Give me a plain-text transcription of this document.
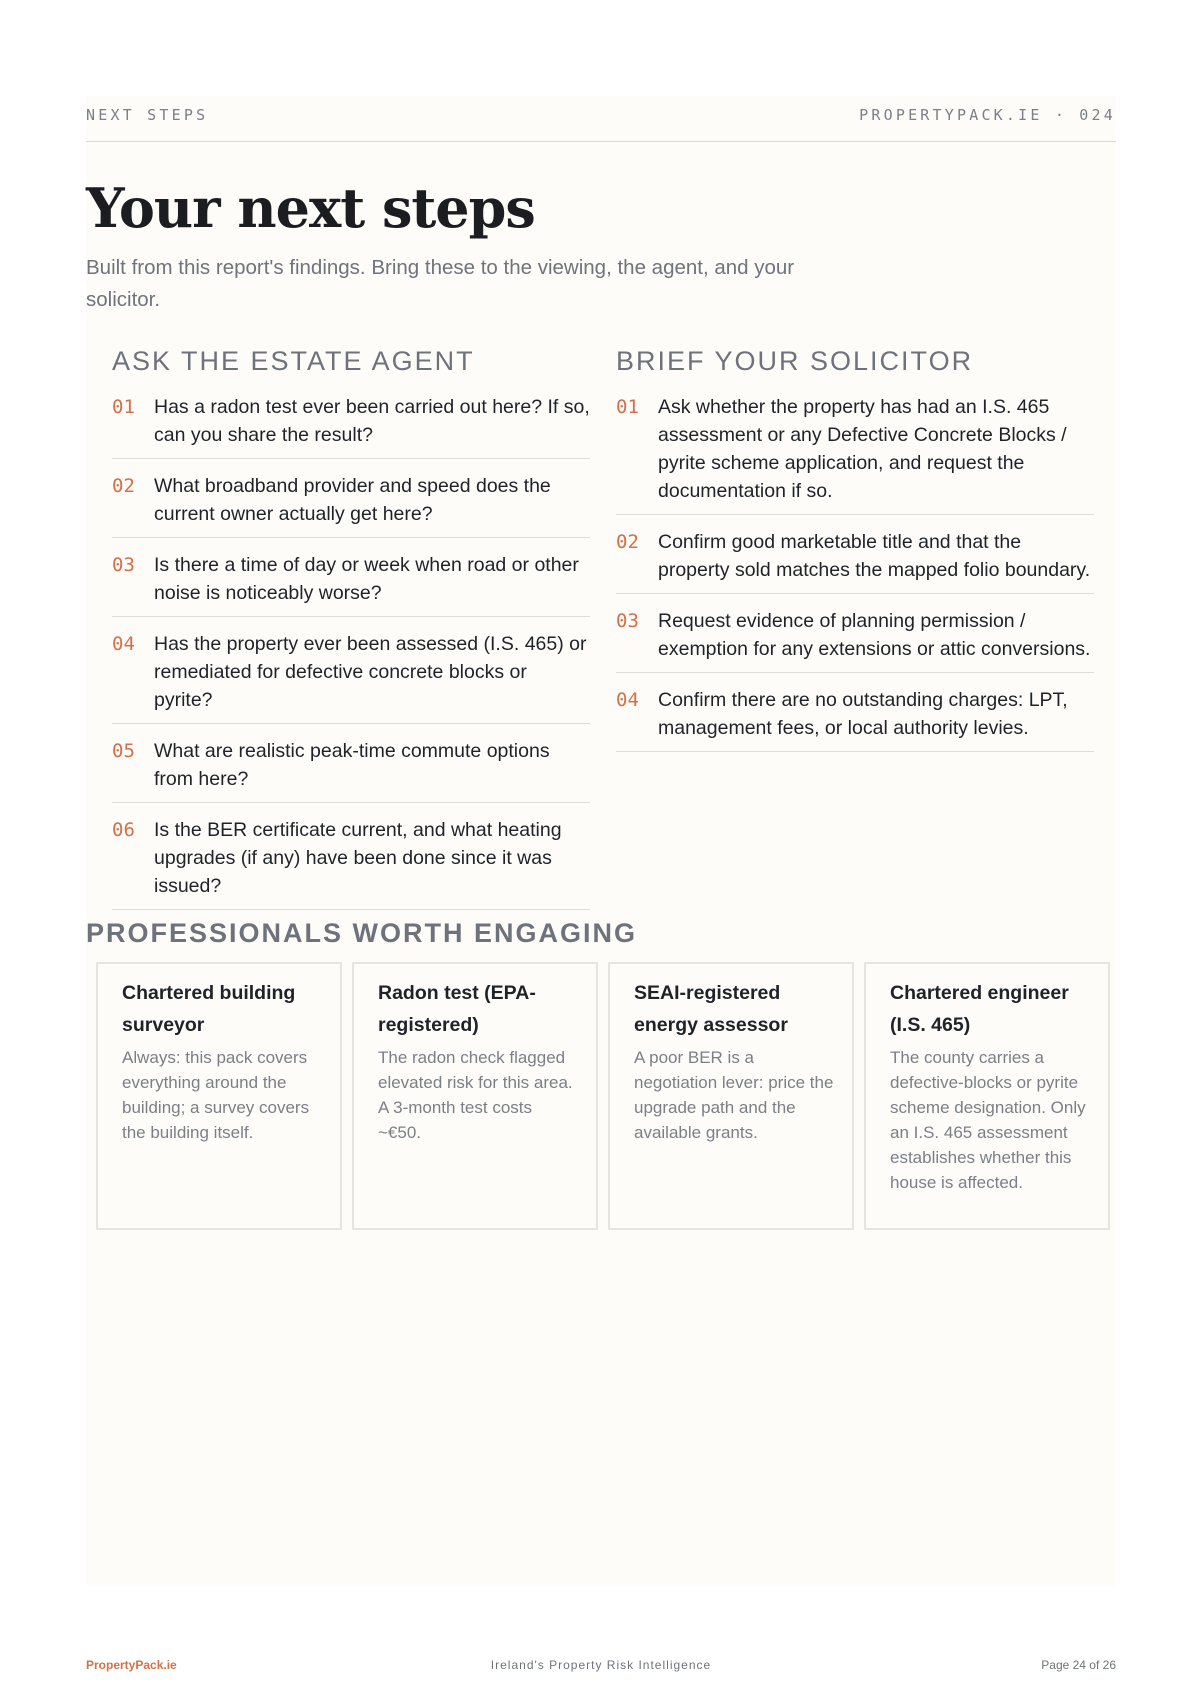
NEXT STEPS	PROPERTYPACK.IE · 024
Your next steps

Built from this report's findings. Bring these to the viewing, the agent, and your solicitor.

ASK THE ESTATE AGENT
01 Has a radon test ever been carried out here? If so, can you share the result?
02 What broadband provider and speed does the current owner actually get here?
03 Is there a time of day or week when road or other noise is noticeably worse?
04 Has the property ever been assessed (I.S. 465) or remediated for defective concrete blocks or pyrite?
05 What are realistic peak-time commute options from here?
06 Is the BER certificate current, and what heating upgrades (if any) have been done since it was issued?
BRIEF YOUR SOLICITOR
01 Ask whether the property has had an I.S. 465 assessment or any Defective Concrete Blocks / pyrite scheme application, and request the documentation if so.
02 Confirm good marketable title and that the property sold matches the mapped folio boundary.
03 Request evidence of planning permission / exemption for any extensions or attic conversions.
04 Confirm there are no outstanding charges: LPT, management fees, or local authority levies.
PROFESSIONALS WORTH ENGAGING
Chartered building surveyor
Always: this pack covers everything around the building; a survey covers the building itself.
Radon test (EPA-registered)
The radon check flagged elevated risk for this area. A 3-month test costs ~€50.
SEAI-registered energy assessor
A poor BER is a negotiation lever: price the upgrade path and the available grants.
Chartered engineer (I.S. 465)
The county carries a defective-blocks or pyrite scheme designation. Only an I.S. 465 assessment establishes whether this house is affected.
PropertyPack.ie	Ireland's Property Risk Intelligence	Page 24 of 26
